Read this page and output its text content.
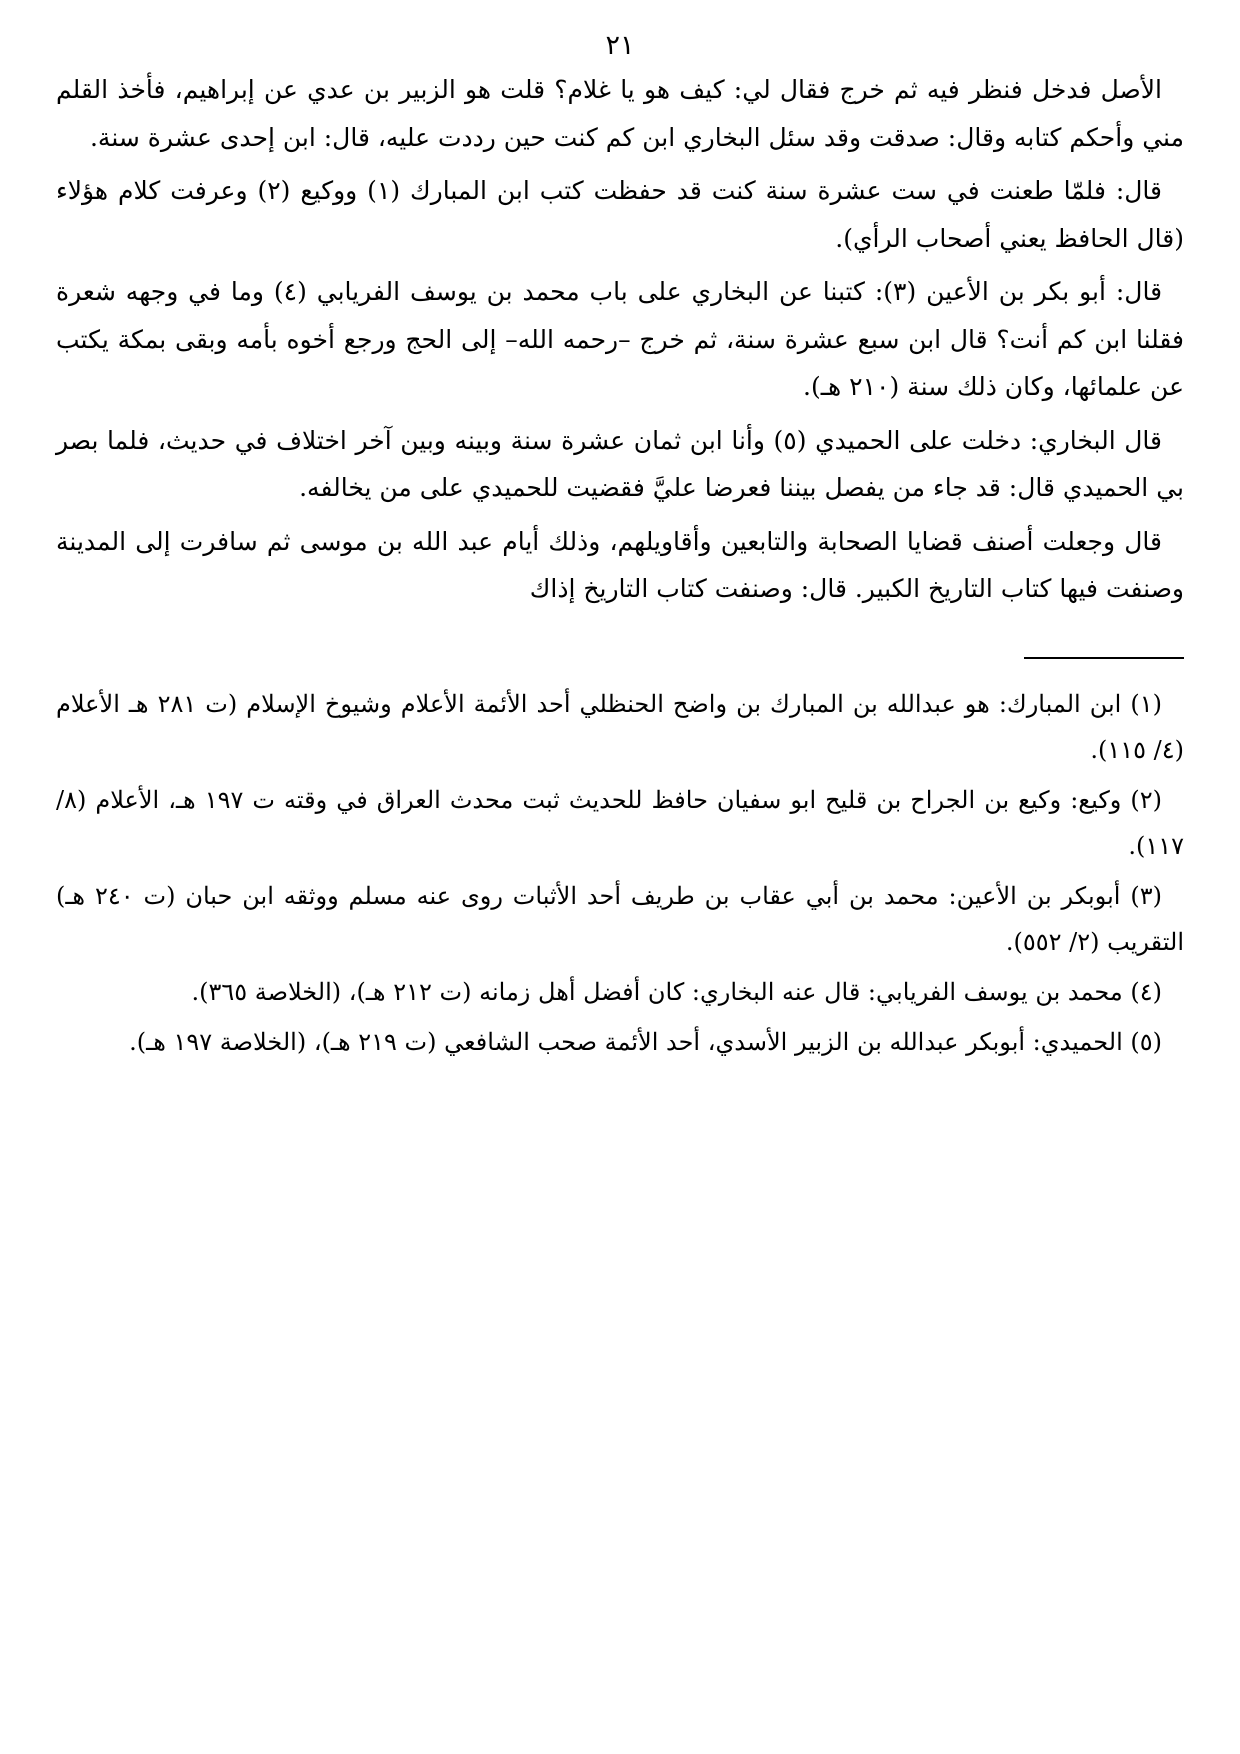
٢١

الأصل فدخل فنظر فيه ثم خرج فقال لي: كيف هو يا غلام؟ قلت هو الزبير بن عدي عن إبراهيم، فأخذ القلم مني وأحكم كتابه وقال: صدقت وقد سئل البخاري ابن كم كنت حين رددت عليه، قال: ابن إحدى عشرة سنة.

قال: فلمّا طعنت في ست عشرة سنة كنت قد حفظت كتب ابن المبارك (١) ووكيع (٢) وعرفت كلام هؤلاء (قال الحافظ يعني أصحاب الرأي).

قال: أبو بكر بن الأعين (٣): كتبنا عن البخاري على باب محمد بن يوسف الفريابي (٤) وما في وجهه شعرة فقلنا ابن كم أنت؟ قال ابن سبع عشرة سنة، ثم خرج –رحمه الله– إلى الحج ورجع أخوه بأمه وبقى بمكة يكتب عن علمائها، وكان ذلك سنة (٢١٠ هـ).

قال البخاري: دخلت على الحميدي (٥) وأنا ابن ثمان عشرة سنة وبينه وبين آخر اختلاف في حديث، فلما بصر بي الحميدي قال: قد جاء من يفصل بيننا فعرضا عليَّ فقضيت للحميدي على من يخالفه.

قال وجعلت أصنف قضايا الصحابة والتابعين وأقاويلهم، وذلك أيام عبد الله بن موسى ثم سافرت إلى المدينة وصنفت فيها كتاب التاريخ الكبير. قال: وصنفت كتاب التاريخ إذاك

(١) ابن المبارك: هو عبدالله بن المبارك بن واضح الحنظلي أحد الأئمة الأعلام وشيوخ الإسلام (ت ٢٨١ هـ الأعلام (٤/ ١١٥).

(٢) وكيع: وكيع بن الجراح بن قليح ابو سفيان حافظ للحديث ثبت محدث العراق في وقته ت ١٩٧ هـ، الأعلام (٨/ ١١٧).

(٣) أبوبكر بن الأعين: محمد بن أبي عقاب بن طريف أحد الأثبات روى عنه مسلم ووثقه ابن حبان (ت ٢٤٠ هـ) التقريب (٢/ ٥٥٢).

(٤) محمد بن يوسف الفريابي: قال عنه البخاري: كان أفضل أهل زمانه (ت ٢١٢ هـ)، (الخلاصة ٣٦٥).

(٥) الحميدي: أبوبكر عبدالله بن الزبير الأسدي، أحد الأئمة صحب الشافعي (ت ٢١٩ هـ)، (الخلاصة ١٩٧ هـ).
